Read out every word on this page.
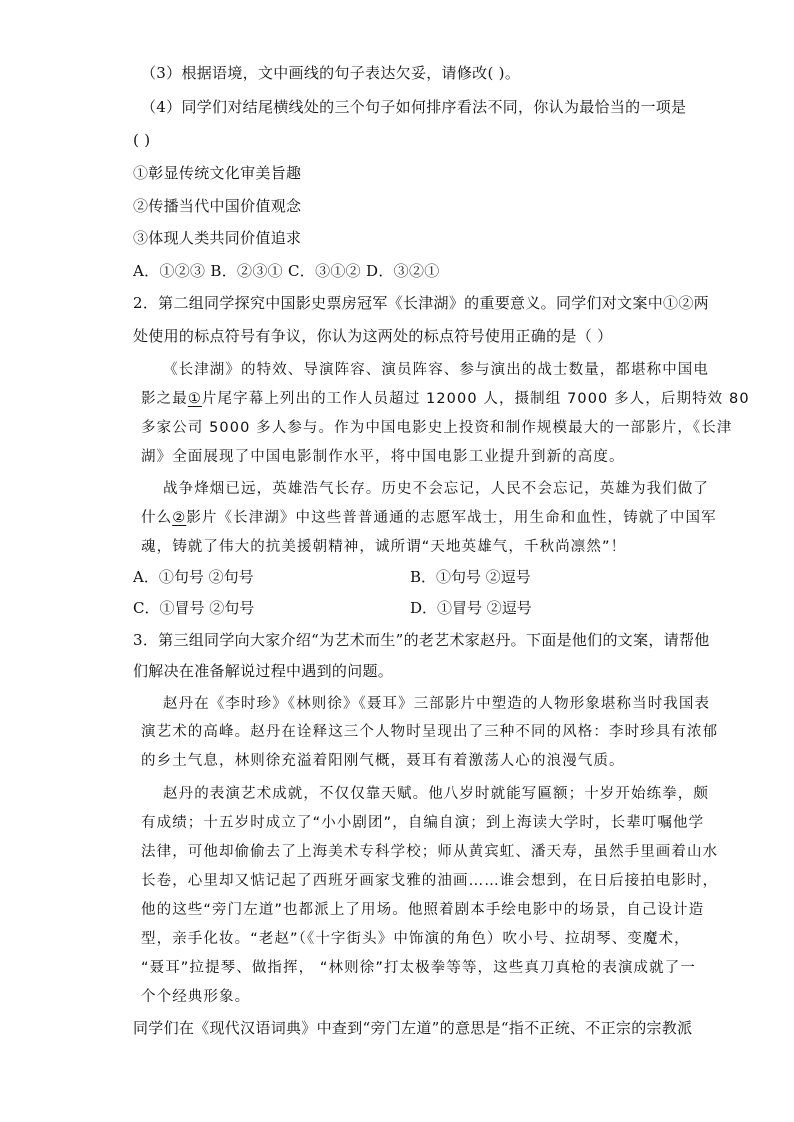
（3）根据语境，文中画线的句子表达欠妥，请修改( )。
（4）同学们对结尾横线处的三个句子如何排序看法不同，你认为最恰当的一项是
( )
①彰显传统文化审美旨趣
②传播当代中国价值观念
③体现人类共同价值追求
A．①②③ B．②③① C．③①② D．③②①
2．第二组同学探究中国影史票房冠军《长津湖》的重要意义。同学们对文案中①②两
处使用的标点符号有争议，你认为这两处的标点符号使用正确的是（ ）
《长津湖》的特效、导演阵容、演员阵容、参与演出的战士数量，都堪称中国电
影之最①片尾字幕上列出的工作人员超过 12000 人，摄制组 7000 多人，后期特效 80
多家公司 5000 多人参与。作为中国电影史上投资和制作规模最大的一部影片，《长津
湖》全面展现了中国电影制作水平，将中国电影工业提升到新的高度。
战争烽烟已远，英雄浩气长存。历史不会忘记，人民不会忘记，英雄为我们做了
什么②影片《长津湖》中这些普普通通的志愿军战士，用生命和血性，铸就了中国军
魂，铸就了伟大的抗美援朝精神，诚所谓“天地英雄气，千秋尚凛然”！
A．①句号 ②句号	B．①句号 ②逗号
C．①冒号 ②句号	D．①冒号 ②逗号
3．第三组同学向大家介绍“为艺术而生”的老艺术家赵丹。下面是他们的文案，请帮他
们解决在准备解说过程中遇到的问题。
赵丹在《李时珍》《林则徐》《聂耳》三部影片中塑造的人物形象堪称当时我国表
演艺术的高峰。赵丹在诠释这三个人物时呈现出了三种不同的风格：李时珍具有浓郁
的乡土气息，林则徐充溢着阳刚气概，聂耳有着激荡人心的浪漫气质。
赵丹的表演艺术成就，不仅仅靠天赋。他八岁时就能写匾额；十岁开始练拳，颇
有成绩；十五岁时成立了“小小剧团”，自编自演；到上海读大学时，长辈叮嘱他学
法律，可他却偷偷去了上海美术专科学校；师从黄宾虹、潘天寿，虽然手里画着山水
长卷，心里却又惦记起了西班牙画家戈雅的油画……谁会想到，在日后接拍电影时，
他的这些“旁门左道”也都派上了用场。他照着剧本手绘电影中的场景，自己设计造
型，亲手化妆。“老赵”（《十字街头》中饰演的角色）吹小号、拉胡琴、变魔术，
“聂耳”拉提琴、做指挥， “林则徐”打太极拳等等，这些真刀真枪的表演成就了一
个个经典形象。
同学们在《现代汉语词典》中查到“旁门左道”的意思是“指不正统、不正宗的宗教派
